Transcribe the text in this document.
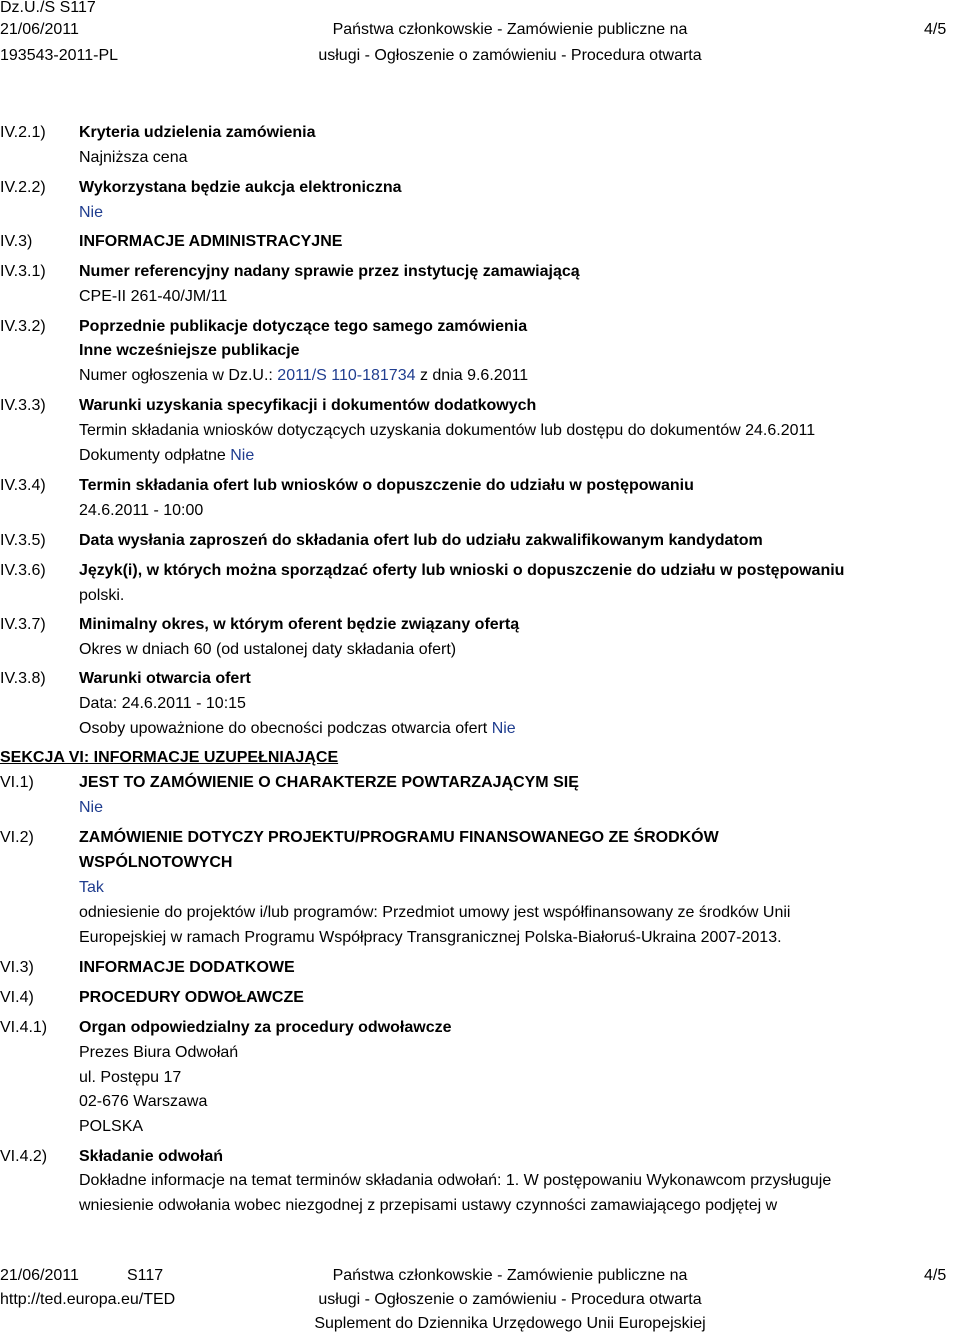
Dz.U./S S117
21/06/2011
193543-2011-PL
Państwa członkowskie - Zamówienie publiczne na
usługi - Ogłoszenie o zamówieniu - Procedura otwarta
4/5
IV.2.1) Kryteria udzielenia zamówienia
Najniższa cena
IV.2.2) Wykorzystana będzie aukcja elektroniczna
Nie
IV.3)	INFORMACJE ADMINISTRACYJNE
IV.3.1) Numer referencyjny nadany sprawie przez instytucję zamawiającą
CPE-II 261-40/JM/11
IV.3.2) Poprzednie publikacje dotyczące tego samego zamówienia
Inne wcześniejsze publikacje
Numer ogłoszenia w Dz.U.: 2011/S 110-181734 z dnia 9.6.2011
IV.3.3) Warunki uzyskania specyfikacji i dokumentów dodatkowych
Termin składania wniosków dotyczących uzyskania dokumentów lub dostępu do dokumentów 24.6.2011
Dokumenty odpłatne Nie
IV.3.4) Termin składania ofert lub wniosków o dopuszczenie do udziału w postępowaniu
24.6.2011 - 10:00
IV.3.5) Data wysłania zaproszeń do składania ofert lub do udziału zakwalifikowanym kandydatom
IV.3.6) Język(i), w których można sporządzać oferty lub wnioski o dopuszczenie do udziału w postępowaniu
polski.
IV.3.7) Minimalny okres, w którym oferent będzie związany ofertą
Okres w dniach 60 (od ustalonej daty składania ofert)
IV.3.8) Warunki otwarcia ofert
Data: 24.6.2011 - 10:15
Osoby upoważnione do obecności podczas otwarcia ofert Nie
SEKCJA VI: INFORMACJE UZUPEŁNIAJĄCE
VI.1)	JEST TO ZAMÓWIENIE O CHARAKTERZE POWTARZAJĄCYM SIĘ
Nie
VI.2)	ZAMÓWIENIE DOTYCZY PROJEKTU/PROGRAMU FINANSOWANEGO ZE ŚRODKÓW
WSPÓLNOTOWYCH
Tak
odniesienie do projektów i/lub programów: Przedmiot umowy jest współfinansowany ze środków Unii
Europejskiej w ramach Programu Współpracy Transgranicznej Polska-Białoruś-Ukraina 2007-2013.
VI.3)	INFORMACJE DODATKOWE
VI.4)	PROCEDURY ODWOŁAWCZE
VI.4.1) Organ odpowiedzialny za procedury odwoławcze
Prezes Biura Odwołań
ul. Postępu 17
02-676 Warszawa
POLSKA
VI.4.2) Składanie odwołań
Dokładne informacje na temat terminów składania odwołań: 1. W postępowaniu Wykonawcom przysługuje
wniesienie odwołania wobec niezgodnej z przepisami ustawy czynności zamawiającego podjętej w
21/06/2011	S117
http://ted.europa.eu/TED
Państwa członkowskie - Zamówienie publiczne na
usługi - Ogłoszenie o zamówieniu - Procedura otwarta
Suplement do Dziennika Urzędowego Unii Europejskiej
4/5
